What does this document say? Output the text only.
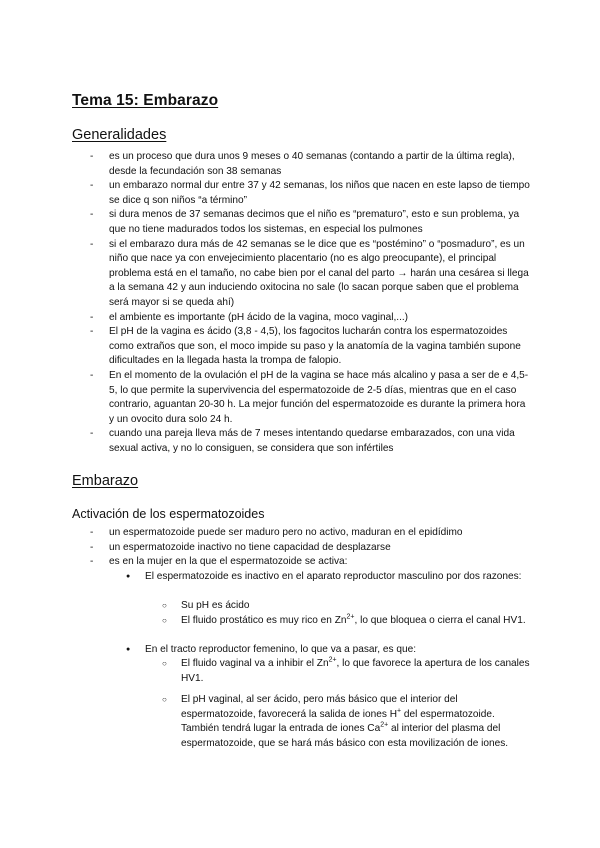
Tema 15: Embarazo
Generalidades
- es un proceso que dura unos 9 meses o 40 semanas (contando a partir de la última regla), desde la fecundación son 38 semanas
- un embarazo normal dur entre 37 y 42 semanas, los niños que nacen en este lapso de tiempo se dice q son niños “a término”
- si dura menos de 37 semanas decimos que el niño es “prematuro”, esto e sun problema, ya que no tiene madurados todos los sistemas, en especial los pulmones
- si el embarazo dura más de 42 semanas se le dice que es “postémino” o “posmaduro”, es un niño que nace ya con envejecimiento placentario (no es algo preocupante), el principal problema está en el tamaño, no cabe bien por el canal del parto → harán una cesárea si llega a la semana 42 y aun induciendo oxitocina no sale (lo sacan porque saben que el problema será mayor si se queda ahí)
- el ambiente es importante (pH ácido de la vagina, moco vaginal,...)
- El pH de la vagina es ácido (3,8 - 4,5), los fagocitos lucharán contra los espermatozoides como extraños que son, el moco impide su paso y la anatomía de la vagina también supone dificultades en la llegada hasta la trompa de falopio.
- En el momento de la ovulación el pH de la vagina se hace más alcalino y pasa a ser de e 4,5-5, lo que permite la supervivencia del espermatozoide de 2-5 días, mientras que en el caso contrario, aguantan 20-30 h. La mejor función del espermatozoide es durante la primera hora y un ovocito dura solo 24 h.
- cuando una pareja lleva más de 7 meses intentando quedarse embarazados, con una vida sexual activa, y no lo consiguen, se considera que son infértiles
Embarazo
Activación de los espermatozoides
- un espermatozoide puede ser maduro pero no activo, maduran en el epidídimo
- un espermatozoide inactivo no tiene capacidad de desplazarse
- es en la mujer en la que el espermatozoide se activa:
● El espermatozoide es inactivo en el aparato reproductor masculino por dos razones:
○ Su pH es ácido
○ El fluido prostático es muy rico en $Zn^{2+}$, lo que bloquea o cierra el canal HV1.
● En el tracto reproductor femenino, lo que va a pasar, es que:
○ El fluido vaginal va a inhibir el $Zn^{2+}$, lo que favorece la apertura de los canales HV1.
○ El pH vaginal, al ser ácido, pero más básico que el interior del espermatozoide, favorecerá la salida de iones H+ del espermatozoide. También tendrá lugar la entrada de iones $Ca^{2+}$ al interior del plasma del espermatozoide, que se hará más básico con esta movilización de iones.
